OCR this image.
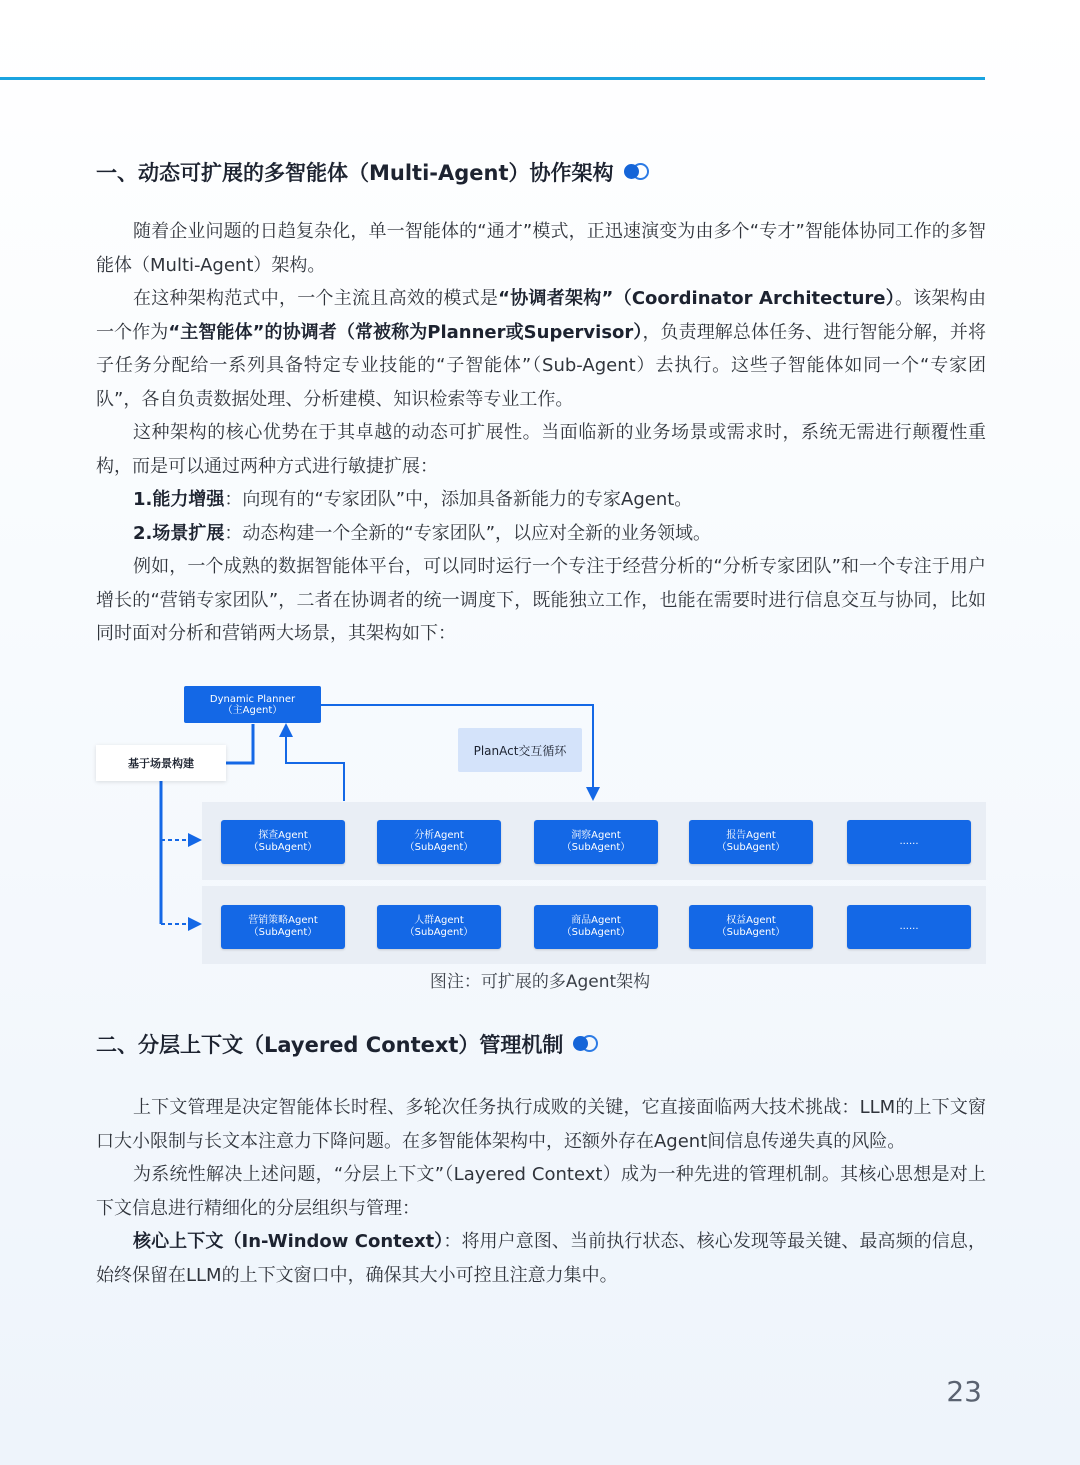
一、动态可扩展的多智能体（Multi-Agent）协作架构

随着企业问题的日趋复杂化，单一智能体的“通才”模式，正迅速演变为由多个“专才”智能体协同工作的多智能体（Multi-Agent）架构。

在这种架构范式中，一个主流且高效的模式是“协调者架构”（Coordinator Architecture）。该架构由一个作为“主智能体”的协调者（常被称为Planner或Supervisor），负责理解总体任务、进行智能分解，并将子任务分配给一系列具备特定专业技能的“子智能体”（Sub-Agent）去执行。这些子智能体如同一个“专家团队”，各自负责数据处理、分析建模、知识检索等专业工作。

这种架构的核心优势在于其卓越的动态可扩展性。当面临新的业务场景或需求时，系统无需进行颠覆性重构，而是可以通过两种方式进行敏捷扩展：

1.能力增强：向现有的“专家团队”中，添加具备新能力的专家Agent。

2.场景扩展：动态构建一个全新的“专家团队”，以应对全新的业务领域。

例如，一个成熟的数据智能体平台，可以同时运行一个专注于经营分析的“分析专家团队”和一个专注于用户增长的“营销专家团队”，二者在协调者的统一调度下，既能独立工作，也能在需要时进行信息交互与协同，比如同时面对分析和营销两大场景，其架构如下：

Dynamic Planner
（主Agent）
基于场景构建
PlanAct交互循环
探查Agent
（SubAgent）
分析Agent
（SubAgent）
洞察Agent
（SubAgent）
报告Agent
（SubAgent）
......
营销策略Agent
（SubAgent）
人群Agent
（SubAgent）
商品Agent
（SubAgent）
权益Agent
（SubAgent）
......
图注：可扩展的多Agent架构
二、分层上下文（Layered Context）管理机制

上下文管理是决定智能体长时程、多轮次任务执行成败的关键，它直接面临两大技术挑战：LLM的上下文窗口大小限制与长文本注意力下降问题。在多智能体架构中，还额外存在Agent间信息传递失真的风险。

为系统性解决上述问题，“分层上下文”（Layered Context）成为一种先进的管理机制。其核心思想是对上下文信息进行精细化的分层组织与管理：

核心上下文（In-Window Context）：将用户意图、当前执行状态、核心发现等最关键、最高频的信息，始终保留在LLM的上下文窗口中，确保其大小可控且注意力集中。

23
